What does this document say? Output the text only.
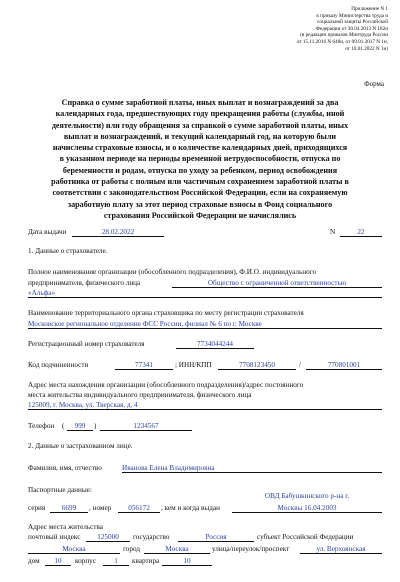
Приложение N 1
к приказу Министерства труда и
социальной защиты Российской
Федерации от 30.04.2013 N 182н
(в редакции приказов Минтруда России
от 15.11.2016 N 648н, от 09.01.2017 N 1н,
от 10.01.2022 N 1н)
Форма
Справка о сумме заработной платы, иных выплат и вознаграждений за два
календарных года, предшествующих году прекращения работы (службы, иной
деятельности) или году обращения за справкой о сумме заработной платы, иных
выплат и вознаграждений, и текущий календарный год, на которую были
начислены страховые взносы, и о количестве календарных дней, приходящихся
в указанном периоде на периоды временной нетрудоспособности, отпуска по
беременности и родам, отпуска по уходу за ребенком, период освобождения
работника от работы с полным или частичным сохранением заработной платы в
соответствии с законодательством Российской Федерации, если на сохраняемую
заработную плату за этот период страховые взносы в Фонд социального
страхования Российской Федерации не начислялись
Дата выдачи	28.02.2022	N	22
1. Данные о страхователе.
Полное наименование организации (обособленного подразделения), Ф.И.О. индивидуального
предпринимателя, физического лица	Общество с ограниченной ответственностью
«Альфа»
Наименование территориального органа страховщика по месту регистрации страхователя
Московское региональное отделение ФСС России, филиал № 6 по г. Москве
Регистрационный номер страхователя	7734044244
Код подчиненности	77341	; ИНН/КПП	7708123450	/	770801001
Адрес места нахождения организации (обособленного подразделения)/адрес постоянного
места жительства индивидуального предпринимателя, физического лица
125009, г. Москва, ул. Тверская, д. 4
Телефон (	999	)	1234567
2. Данные о застрахованном лице.
Фамилия, имя, отчество	Иванова Елена Владимировна
Паспортные данные:
серия	6699	, номер	056172	, кем и когда выдан
ОВД Бабушкинского р-на г.
Москвы 16.04.2003
Адрес места жительства
почтовый индекс	125000	государство	Россия	субъект Российской Федерации
Москва	город	Москва	улица/переулок/проспект	ул. Верхоянская
дом	10	корпус	1	квартира	10
